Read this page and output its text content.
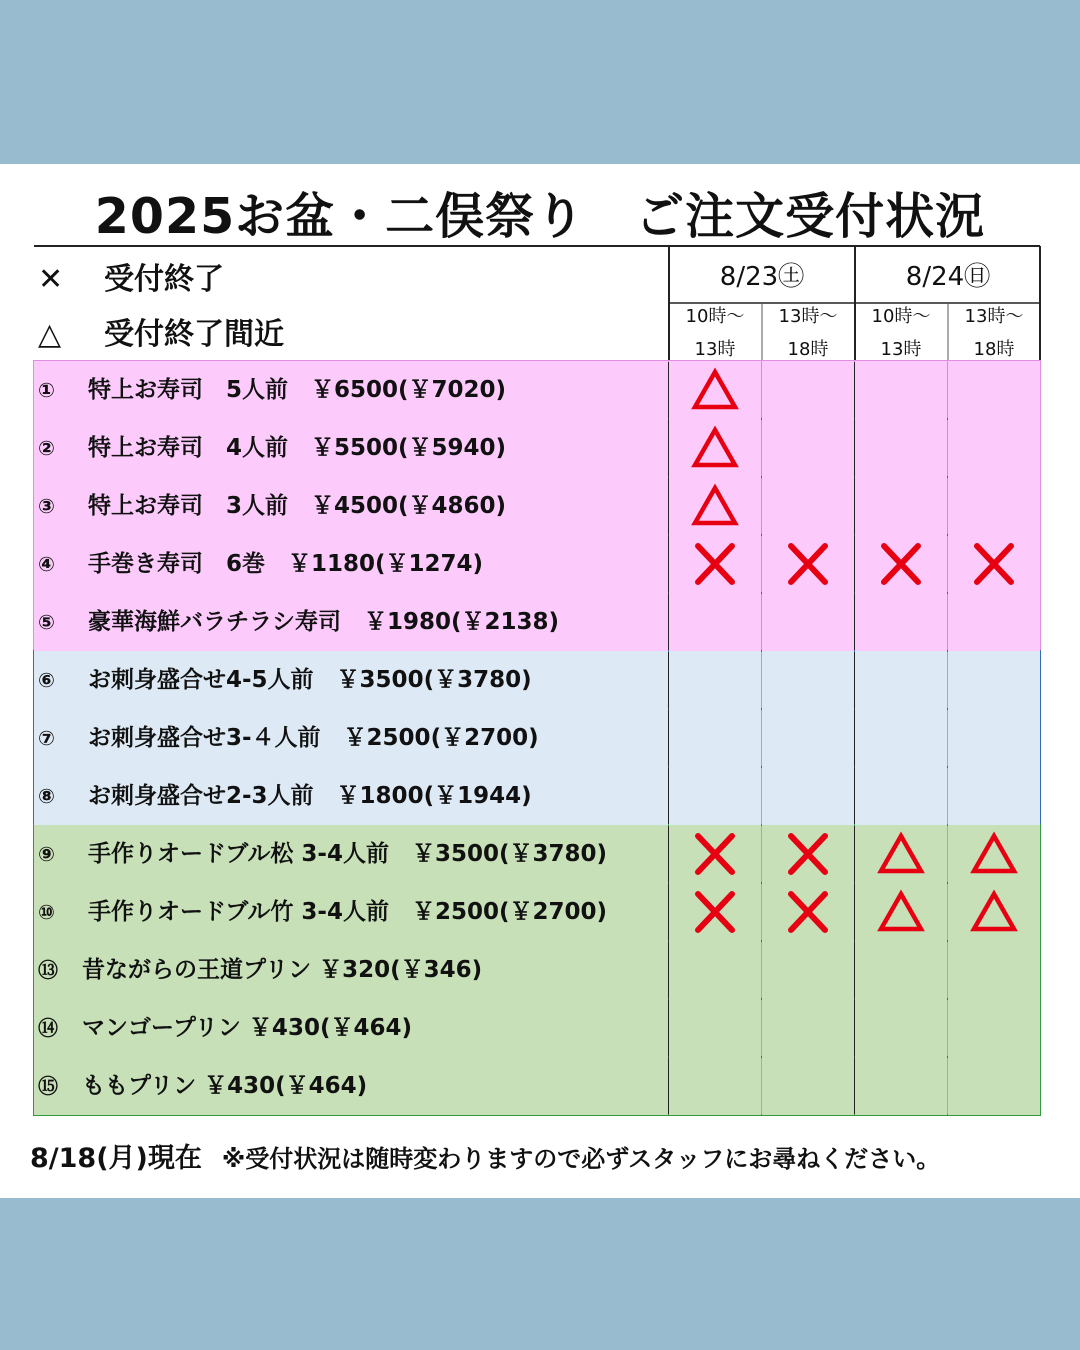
2025お盆・二俣祭り　ご注文受付状況
✕ 受付終了
△ 受付終了間近
8/23㊏	8/24㊐
10時～
13時
13時～
18時
10時～
13時
13時～
18時
① 特上お寿司　5人前　￥6500(￥7020)
② 特上お寿司　4人前　￥5500(￥5940)
③ 特上お寿司　3人前　￥4500(￥4860)
④ 手巻き寿司　6巻　￥1180(￥1274)
⑤ 豪華海鮮バラチラシ寿司　￥1980(￥2138)
⑥ お刺身盛合せ4-5人前　￥3500(￥3780)
⑦ お刺身盛合せ3-４人前　￥2500(￥2700)
⑧ お刺身盛合せ2-3人前　￥1800(￥1944)
⑨ 手作りオードブル松 3-4人前　￥3500(￥3780)
⑩ 手作りオードブル竹 3-4人前　￥2500(￥2700)
⑬ 昔ながらの王道プリン ￥320(￥346)
⑭ マンゴープリン ￥430(￥464)
⑮ ももプリン ￥430(￥464)
8/18(月)現在 ※受付状況は随時変わりますので必ずスタッフにお尋ねください。
